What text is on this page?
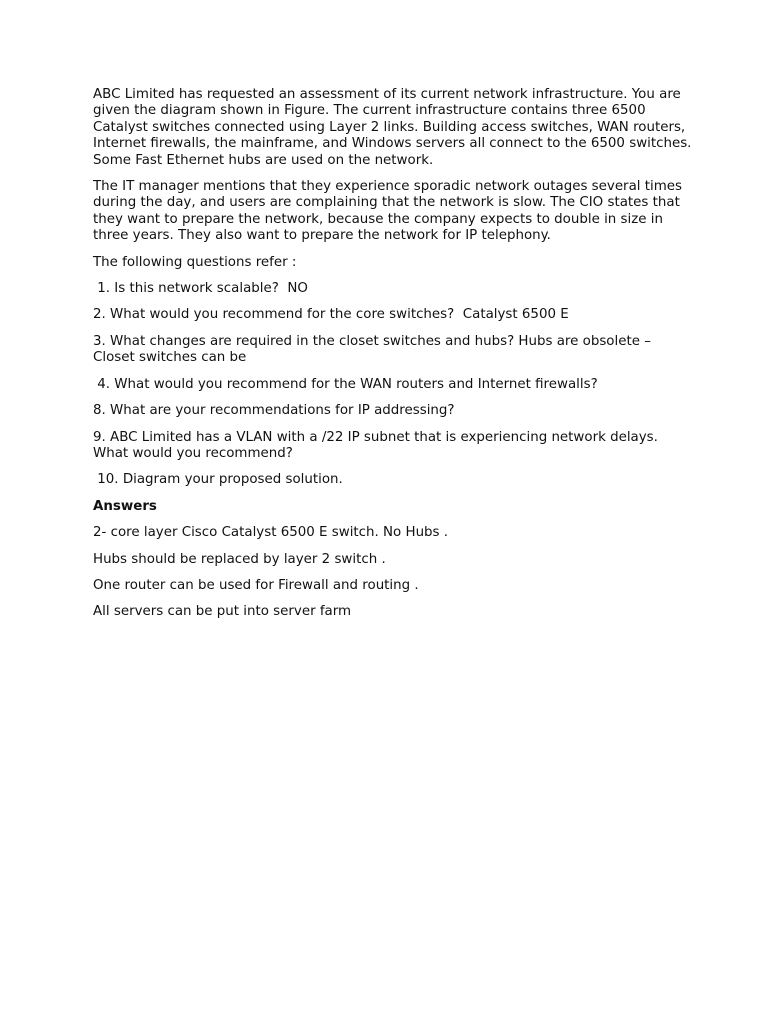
ABC Limited has requested an assessment of its current network infrastructure. You are given the diagram shown in Figure. The current infrastructure contains three 6500 Catalyst switches connected using Layer 2 links. Building access switches, WAN routers, Internet firewalls, the mainframe, and Windows servers all connect to the 6500 switches. Some Fast Ethernet hubs are used on the network.

The IT manager mentions that they experience sporadic network outages several times during the day, and users are complaining that the network is slow. The CIO states that they want to prepare the network, because the company expects to double in size in three years. They also want to prepare the network for IP telephony.

The following questions refer :

1. Is this network scalable?  NO

2. What would you recommend for the core switches?  Catalyst 6500 E

3. What changes are required in the closet switches and hubs? Hubs are obsolete – Closet switches can be

4. What would you recommend for the WAN routers and Internet firewalls?

8. What are your recommendations for IP addressing?

9. ABC Limited has a VLAN with a /22 IP subnet that is experiencing network delays. What would you recommend?

10. Diagram your proposed solution.

Answers

2- core layer Cisco Catalyst 6500 E switch. No Hubs .

Hubs should be replaced by layer 2 switch .

One router can be used for Firewall and routing .

All servers can be put into server farm
